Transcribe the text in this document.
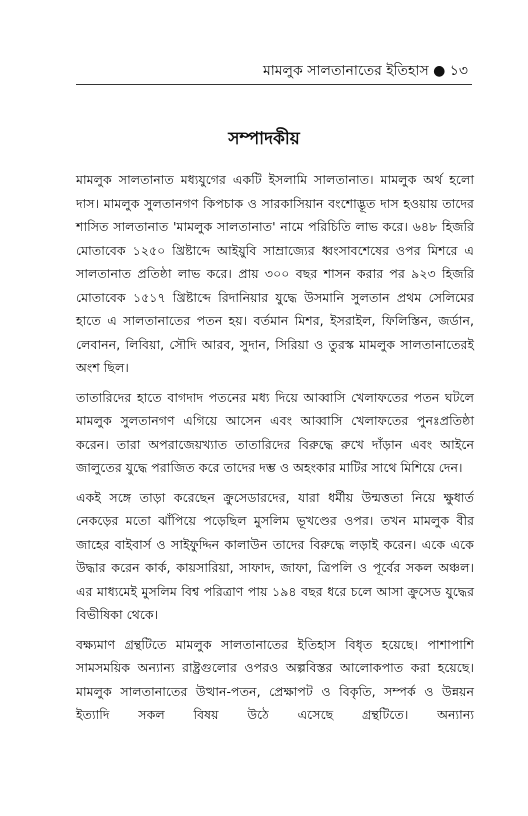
মামলুক সালতানাতের ইতিহাস ● ১৩
সম্পাদকীয়

মামলুক সালতানাত মধ্যযুগের একটি ইসলামি সালতানাত। মামলুক অর্থ হলো দাস। মামলুক সুলতানগণ কিপচাক ও সারকাসিয়ান বংশোদ্ভূত দাস হওয়ায় তাদের শাসিত সালতানাত 'মামলুক সালতানাত' নামে পরিচিতি লাভ করে। ৬৪৮ হিজরি মোতাবেক ১২৫০ খ্রিষ্টাব্দে আইয়ুবি সাম্রাজ্যের ধ্বংসাবশেষের ওপর মিশরে এ সালতানাত প্রতিষ্ঠা লাভ করে। প্রায় ৩০০ বছর শাসন করার পর ৯২৩ হিজরি মোতাবেক ১৫১৭ খ্রিষ্টাব্দে রিদানিয়ার যুদ্ধে উসমানি সুলতান প্রথম সেলিমের হাতে এ সালতানাতের পতন হয়। বর্তমান মিশর, ইসরাইল, ফিলিস্তিন, জর্ডান, লেবানন, লিবিয়া, সৌদি আরব, সুদান, সিরিয়া ও তুরস্ক মামলুক সালতানাতেরই অংশ ছিল।

তাতারিদের হাতে বাগদাদ পতনের মধ্য দিয়ে আব্বাসি খেলাফতের পতন ঘটলে মামলুক সুলতানগণ এগিয়ে আসেন এবং আব্বাসি খেলাফতের পুনঃপ্রতিষ্ঠা করেন। তারা অপরাজেয়খ্যাত তাতারিদের বিরুদ্ধে রুখে দাঁড়ান এবং আইনে জালুতের যুদ্ধে পরাজিত করে তাদের দম্ভ ও অহংকার মাটির সাথে মিশিয়ে দেন।

একই সঙ্গে তাড়া করেছেন ক্রুসেডারদের, যারা ধর্মীয় উন্মত্ততা নিয়ে ক্ষুধার্ত নেকড়ের মতো ঝাঁপিয়ে পড়েছিল মুসলিম ভূখণ্ডের ওপর। তখন মামলুক বীর জাহের বাইবার্স ও সাইফুদ্দিন কালাউন তাদের বিরুদ্ধে লড়াই করেন। একে একে উদ্ধার করেন কার্ক, কায়সারিয়া, সাফাদ, জাফা, ত্রিপলি ও পূর্বের সকল অঞ্চল। এর মাধ্যমেই মুসলিম বিশ্ব পরিত্রাণ পায় ১৯৪ বছর ধরে চলে আসা ক্রুসেড যুদ্ধের বিভীষিকা থেকে।

বক্ষ্যমাণ গ্রন্থটিতে মামলুক সালতানাতের ইতিহাস বিধৃত হয়েছে। পাশাপাশি সামসময়িক অন্যান্য রাষ্ট্রগুলোর ওপরও অল্পবিস্তর আলোকপাত করা হয়েছে। মামলুক সালতানাতের উত্থান-পতন, প্রেক্ষাপট ও বিকৃতি, সম্পর্ক ও উন্নয়ন ইত্যাদি সকল বিষয় উঠে এসেছে গ্রন্থটিতে। অন্যান্য
